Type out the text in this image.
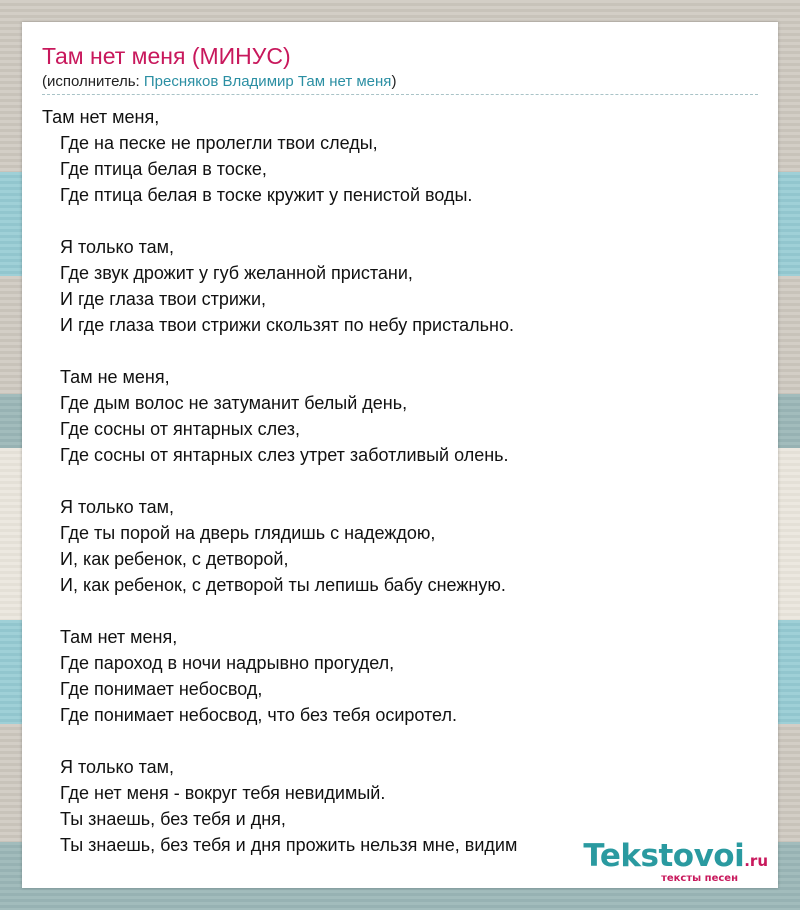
Там нет меня (МИНУС)
(исполнитель: Пресняков Владимир Там нет меня)
Там нет меня,
Где на песке не пролегли твои следы,
Где птица белая в тоске,
Где птица белая в тоске кружит у пенистой воды.
Я только там,
Где звук дрожит у губ желанной пристани,
И где глаза твои стрижи,
И где глаза твои стрижи скользят по небу пристально.
Там не меня,
Где дым волос не затуманит белый день,
Где сосны от янтарных слез,
Где сосны от янтарных слез утрет заботливый олень.
Я только там,
Где ты порой на дверь глядишь с надеждою,
И, как ребенок, с детворой,
И, как ребенок, с детворой ты лепишь бабу снежную.
Там нет меня,
Где пароход в ночи надрывно прогудел,
Где понимает небосвод,
Где понимает небосвод, что без тебя осиротел.
Я только там,
Где нет меня - вокруг тебя невидимый.
Ты знаешь, без тебя и дня,
Ты знаешь, без тебя и дня прожить нельзя мне, видим	Tekstovoi.ru
тексты песен
